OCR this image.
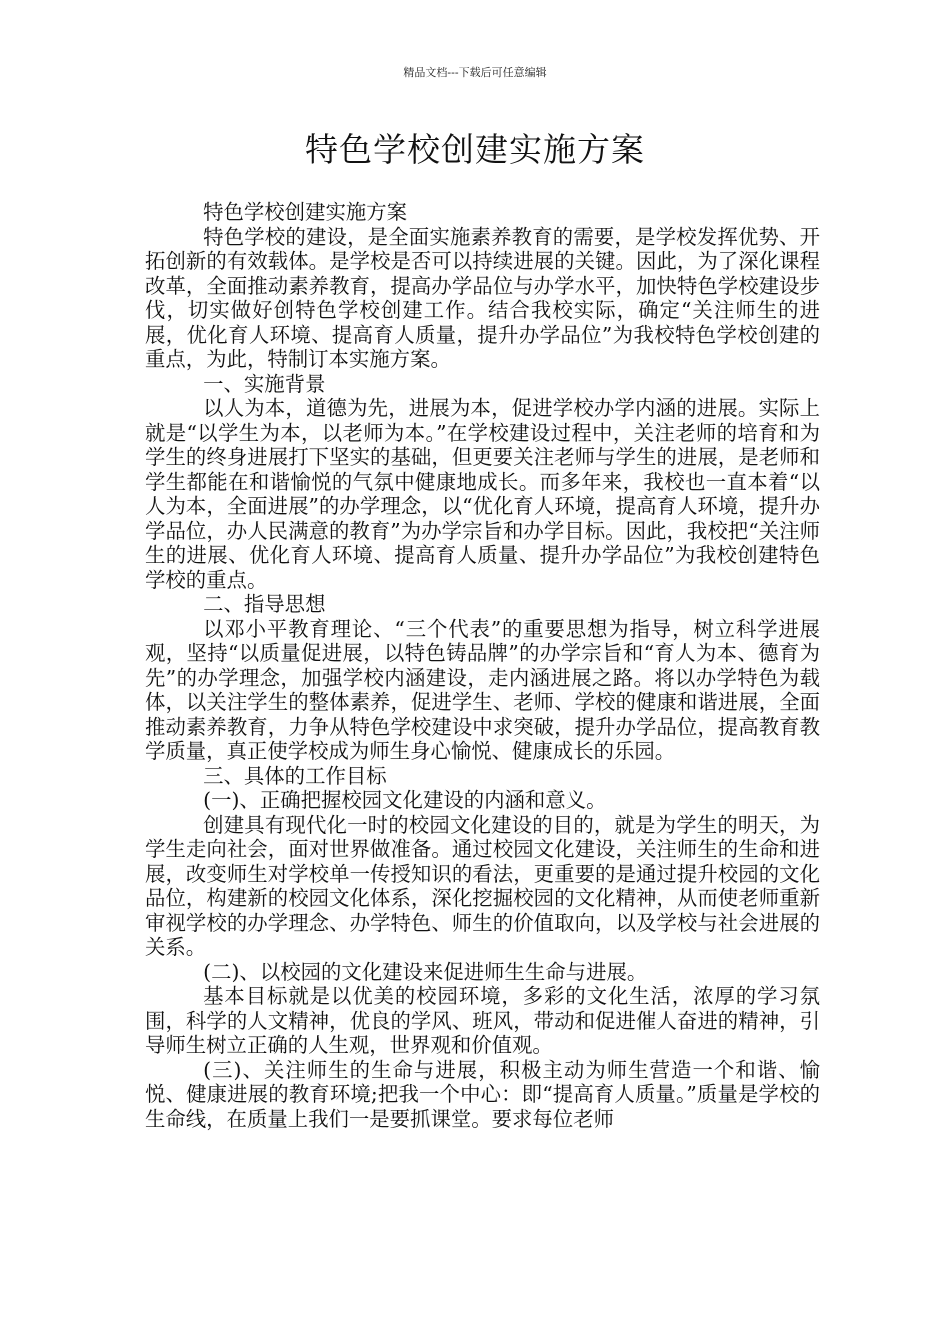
精品文档---下载后可任意编辑
特色学校创建实施方案

特色学校创建实施方案

特色学校的建设，是全面实施素养教育的需要，是学校发挥优势、开拓创新的有效载体。是学校是否可以持续进展的关键。因此，为了深化课程改革，全面推动素养教育，提高办学品位与办学水平，加快特色学校建设步伐，切实做好创特色学校创建工作。结合我校实际，确定“关注师生的进展，优化育人环境、提高育人质量，提升办学品位”为我校特色学校创建的重点，为此，特制订本实施方案。

一、实施背景

以人为本，道德为先，进展为本，促进学校办学内涵的进展。实际上就是“以学生为本，以老师为本。”在学校建设过程中，关注老师的培育和为学生的终身进展打下坚实的基础，但更要关注老师与学生的进展，是老师和学生都能在和谐愉悦的气氛中健康地成长。而多年来，我校也一直本着“以人为本，全面进展”的办学理念，以“优化育人环境，提高育人环境，提升办学品位，办人民满意的教育”为办学宗旨和办学目标。因此，我校把“关注师生的进展、优化育人环境、提高育人质量、提升办学品位”为我校创建特色学校的重点。

二、指导思想

以邓小平教育理论、“三个代表”的重要思想为指导，树立科学进展观，坚持“以质量促进展，以特色铸品牌”的办学宗旨和“育人为本、德育为先”的办学理念，加强学校内涵建设，走内涵进展之路。将以办学特色为载体，以关注学生的整体素养，促进学生、老师、学校的健康和谐进展，全面推动素养教育，力争从特色学校建设中求突破，提升办学品位，提高教育教学质量，真正使学校成为师生身心愉悦、健康成长的乐园。

三、具体的工作目标

(一)、正确把握校园文化建设的内涵和意义。

创建具有现代化一时的校园文化建设的目的，就是为学生的明天，为学生走向社会，面对世界做准备。通过校园文化建设，关注师生的生命和进展，改变师生对学校单一传授知识的看法，更重要的是通过提升校园的文化品位，构建新的校园文化体系，深化挖掘校园的文化精神，从而使老师重新审视学校的办学理念、办学特色、师生的价值取向，以及学校与社会进展的关系。

(二)、以校园的文化建设来促进师生生命与进展。

基本目标就是以优美的校园环境，多彩的文化生活，浓厚的学习氛围，科学的人文精神，优良的学风、班风，带动和促进催人奋进的精神，引导师生树立正确的人生观，世界观和价值观。

(三)、关注师生的生命与进展，积极主动为师生营造一个和谐、愉悦、健康进展的教育环境;把我一个中心：即“提高育人质量。”质量是学校的生命线，在质量上我们一是要抓课堂。要求每位老师
